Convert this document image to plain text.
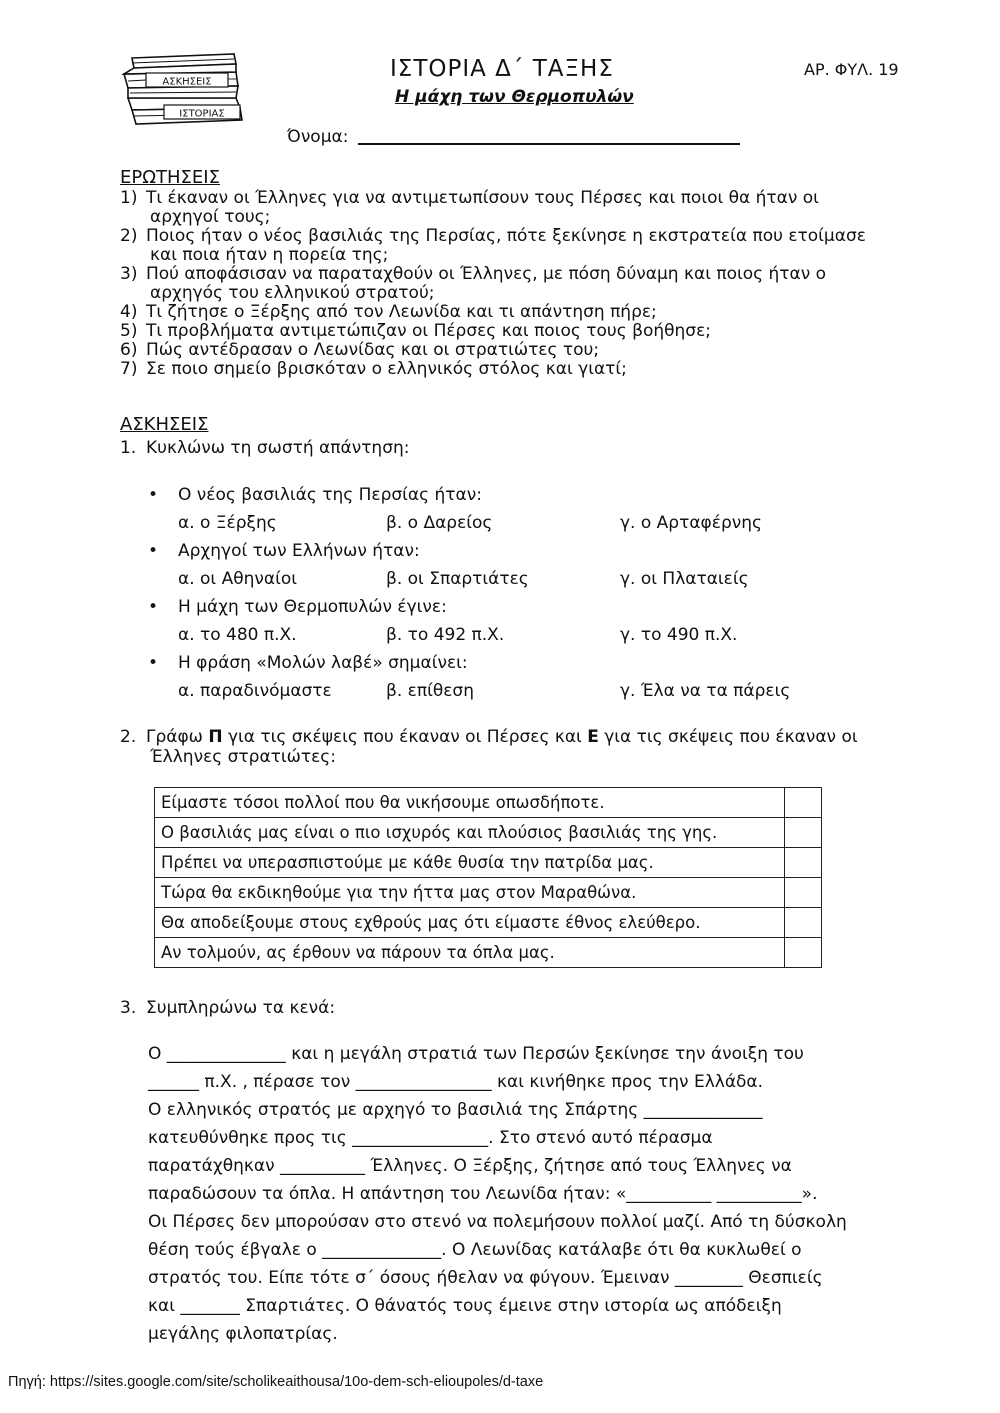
ΑΣΚΗΣΕΙΣ
ΙΣΤΟΡΙΑΣ
ΙΣΤΟΡΙΑ Δ΄ ΤΑΞΗΣ	ΑΡ. ΦΥΛ. 19
Η μάχη των Θερμοπυλών
Όνομα:
ΕΡΩΤΗΣΕΙΣ
1) Τι έκαναν οι Έλληνες για να αντιμετωπίσουν τους Πέρσες και ποιοι θα ήταν οι
αρχηγοί τους;
2) Ποιος ήταν ο νέος βασιλιάς της Περσίας, πότε ξεκίνησε η εκστρατεία που ετοίμασε
και ποια ήταν η πορεία της;
3) Πού αποφάσισαν να παραταχθούν οι Έλληνες, με πόση δύναμη και ποιος ήταν ο
αρχηγός του ελληνικού στρατού;
4) Τι ζήτησε ο Ξέρξης από τον Λεωνίδα και τι απάντηση πήρε;
5) Τι προβλήματα αντιμετώπιζαν οι Πέρσες και ποιος τους βοήθησε;
6) Πώς αντέδρασαν ο Λεωνίδας και οι στρατιώτες του;
7) Σε ποιο σημείο βρισκόταν ο ελληνικός στόλος και γιατί;
ΑΣΚΗΣΕΙΣ
1. Κυκλώνω τη σωστή απάντηση:
• Ο νέος βασιλιάς της Περσίας ήταν:
α. ο Ξέρξης	β. ο Δαρείος	γ. ο Αρταφέρνης
• Αρχηγοί των Ελλήνων ήταν:
α. οι Αθηναίοι	β. οι Σπαρτιάτες	γ. οι Πλαταιείς
• Η μάχη των Θερμοπυλών έγινε:
α. το 480 π.Χ.	β. το 492 π.Χ.	γ. το 490 π.Χ.
• Η φράση «Μολών λαβέ» σημαίνει:
α. παραδινόμαστε	β. επίθεση	γ. Έλα να τα πάρεις
2. Γράφω Π για τις σκέψεις που έκαναν οι Πέρσες και Ε για τις σκέψεις που έκαναν οι
Έλληνες στρατιώτες:
Είμαστε τόσοι πολλοί που θα νικήσουμε οπωσδήποτε.	
Ο βασιλιάς μας είναι ο πιο ισχυρός και πλούσιος βασιλιάς της γης.	
Πρέπει να υπερασπιστούμε με κάθε θυσία την πατρίδα μας.	
Τώρα θα εκδικηθούμε για την ήττα μας στον Μαραθώνα.	
Θα αποδείξουμε στους εχθρούς μας ότι είμαστε έθνος ελεύθερο.	
Αν τολμούν, ας έρθουν να πάρουν τα όπλα μας.	
3. Συμπληρώνω τα κενά:

Ο ______________ και η μεγάλη στρατιά των Περσών ξεκίνησε την άνοιξη του

______ π.Χ. , πέρασε τον ________________ και κινήθηκε προς την Ελλάδα.

Ο ελληνικός στρατός με αρχηγό το βασιλιά της Σπάρτης ______________

κατευθύνθηκε προς τις ________________. Στο στενό αυτό πέρασμα

παρατάχθηκαν __________ Έλληνες. Ο Ξέρξης, ζήτησε από τους Έλληνες να

παραδώσουν τα όπλα. Η απάντηση του Λεωνίδα ήταν: «__________ __________».

Οι Πέρσες δεν μπορούσαν στο στενό να πολεμήσουν πολλοί μαζί. Από τη δύσκολη

θέση τούς έβγαλε ο ______________. Ο Λεωνίδας κατάλαβε ότι θα κυκλωθεί ο

στρατός του. Είπε τότε σ΄ όσους ήθελαν να φύγουν. Έμειναν ________ Θεσπιείς

και _______ Σπαρτιάτες. Ο θάνατός τους έμεινε στην ιστορία ως απόδειξη

μεγάλης φιλοπατρίας.

Πηγή: https://sites.google.com/site/scholikeaithousa/10o-dem-sch-elioupoles/d-taxe
